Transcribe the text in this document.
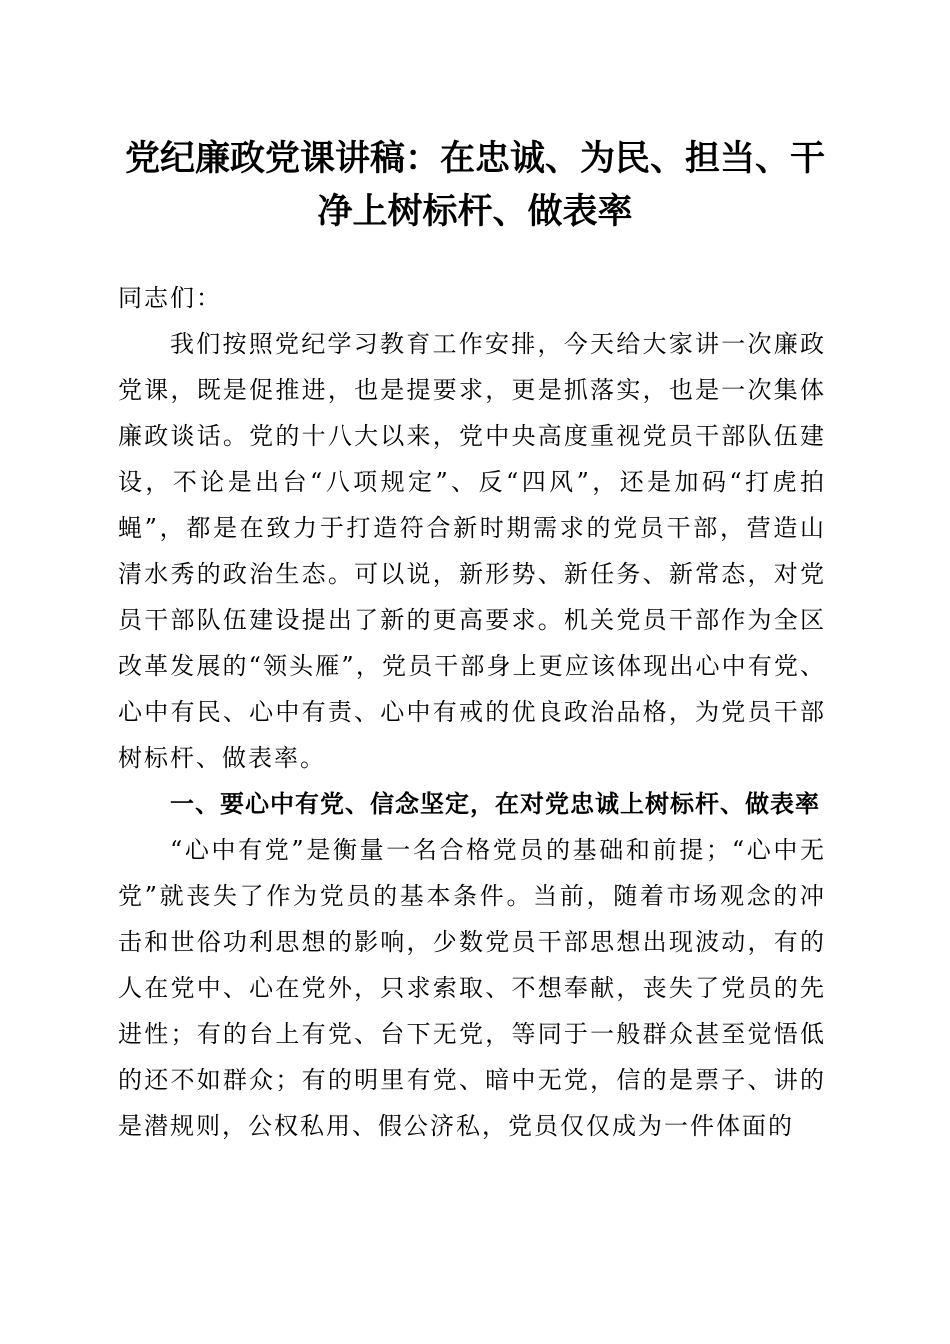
党纪廉政党课讲稿：在忠诚、为民、担当、干净上树标杆、做表率

同志们：

我们按照党纪学习教育工作安排，今天给大家讲一次廉政党课，既是促推进，也是提要求，更是抓落实，也是一次集体廉政谈话。党的十八大以来，党中央高度重视党员干部队伍建设，不论是出台“八项规定”、反“四风”，还是加码“打虎拍蝇”，都是在致力于打造符合新时期需求的党员干部，营造山清水秀的政治生态。可以说，新形势、新任务、新常态，对党员干部队伍建设提出了新的更高要求。机关党员干部作为全区改革发展的“领头雁”，党员干部身上更应该体现出心中有党、心中有民、心中有责、心中有戒的优良政治品格，为党员干部树标杆、做表率。

一、要心中有党、信念坚定，在对党忠诚上树标杆、做表率

“心中有党”是衡量一名合格党员的基础和前提；“心中无党”就丧失了作为党员的基本条件。当前，随着市场观念的冲击和世俗功利思想的影响，少数党员干部思想出现波动，有的人在党中、心在党外，只求索取、不想奉献，丧失了党员的先进性；有的台上有党、台下无党，等同于一般群众甚至觉悟低的还不如群众；有的明里有党、暗中无党，信的是票子、讲的是潜规则，公权私用、假公济私，党员仅仅成为一件体面的
